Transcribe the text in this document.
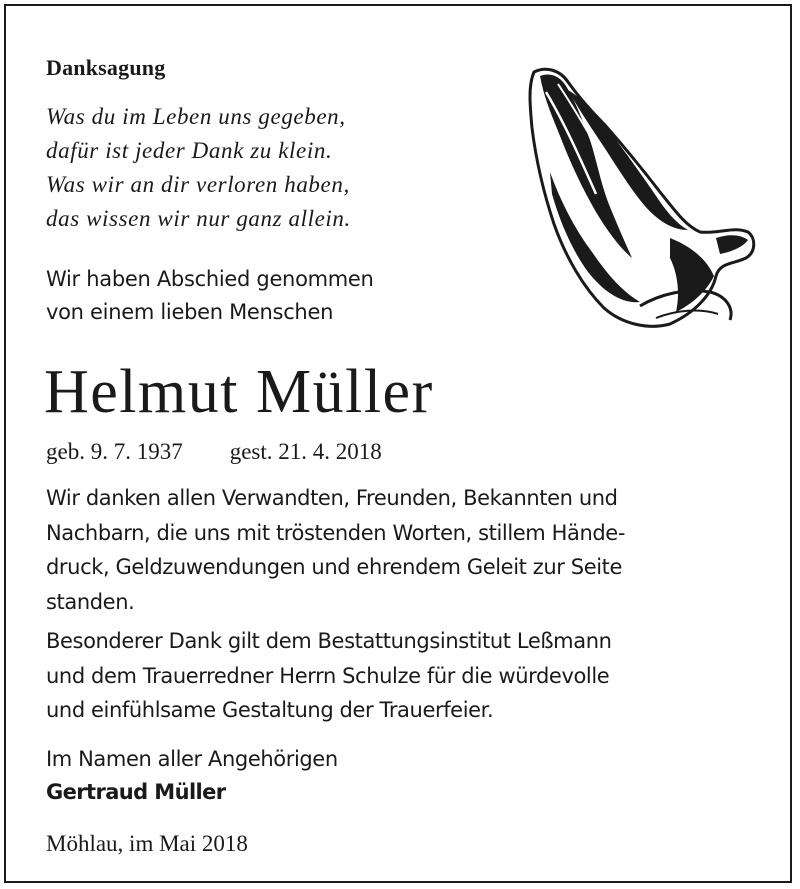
Danksagung
Was du im Leben uns gegeben,
dafür ist jeder Dank zu klein.
Was wir an dir verloren haben,
das wissen wir nur ganz allein.
Wir haben Abschied genommen
von einem lieben Menschen
Helmut Müller
geb. 9. 7. 1937 gest. 21. 4. 2018
Wir danken allen Verwandten, Freunden, Bekannten und
Nachbarn, die uns mit tröstenden Worten, stillem Hände-
druck, Geldzuwendungen und ehrendem Geleit zur Seite
standen.
Besonderer Dank gilt dem Bestattungsinstitut Leßmann
und dem Trauerredner Herrn Schulze für die würdevolle
und einfühlsame Gestaltung der Trauerfeier.
Im Namen aller Angehörigen
Gertraud Müller
Möhlau, im Mai 2018
